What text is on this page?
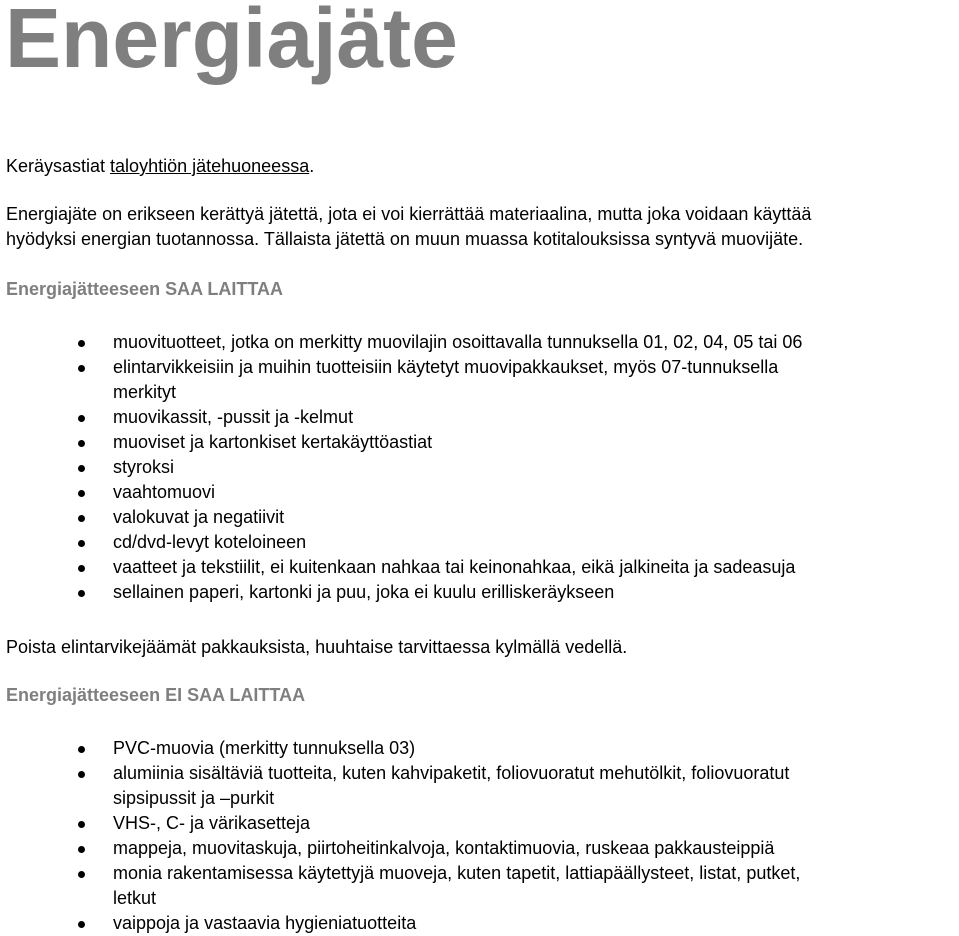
Energiajäte

Keräysastiat taloyhtiön jätehuoneessa.

Energiajäte on erikseen kerättyä jätettä, jota ei voi kierrättää materiaalina, mutta joka voidaan käyttää

hyödyksi energian tuotannossa. Tällaista jätettä on muun muassa kotitalouksissa syntyvä muovijäte.

Energiajätteeseen SAA LAITTAA
muovituotteet, jotka on merkitty muovilajin osoittavalla tunnuksella 01, 02, 04, 05 tai 06
elintarvikkeisiin ja muihin tuotteisiin käytetyt muovipakkaukset, myös 07-tunnuksella
merkityt
muovikassit, -pussit ja -kelmut
muoviset ja kartonkiset kertakäyttöastiat
styroksi
vaahtomuovi
valokuvat ja negatiivit
cd/dvd-levyt koteloineen
vaatteet ja tekstiilit, ei kuitenkaan nahkaa tai keinonahkaa, eikä jalkineita ja sadeasuja
sellainen paperi, kartonki ja puu, joka ei kuulu erilliskeräykseen

Poista elintarvikejäämät pakkauksista, huuhtaise tarvittaessa kylmällä vedellä.

Energiajätteeseen EI SAA LAITTAA
PVC-muovia (merkitty tunnuksella 03)
alumiinia sisältäviä tuotteita, kuten kahvipaketit, foliovuoratut mehutölkit, foliovuoratut
sipsipussit ja –purkit
VHS-, C- ja värikasetteja
mappeja, muovitaskuja, piirtoheitinkalvoja, kontaktimuovia, ruskeaa pakkausteippiä
monia rakentamisessa käytettyjä muoveja, kuten tapetit, lattiapäällysteet, listat, putket,
letkut
vaippoja ja vastaavia hygieniatuotteita
